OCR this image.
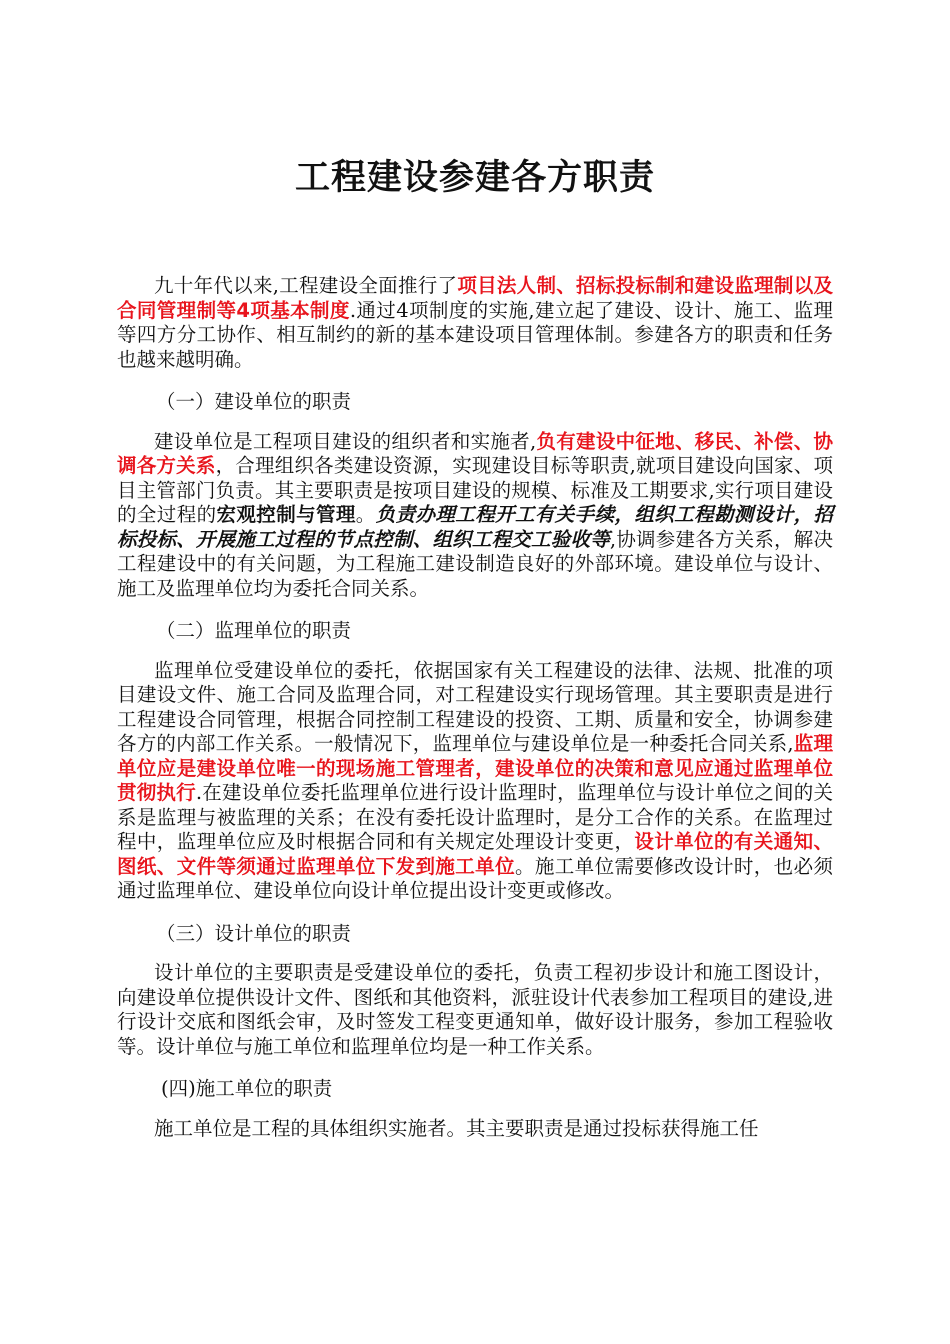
工程建设参建各方职责

九十年代以来,工程建设全面推行了项目法人制、招标投标制和建设监理制以及合同管理制等4项基本制度.通过4项制度的实施,建立起了建设、设计、施工、监理等四方分工协作、相互制约的新的基本建设项目管理体制。参建各方的职责和任务也越来越明确。

（一）建设单位的职责

建设单位是工程项目建设的组织者和实施者,负有建设中征地、移民、补偿、协调各方关系，合理组织各类建设资源，实现建设目标等职责,就项目建设向国家、项目主管部门负责。其主要职责是按项目建设的规模、标准及工期要求,实行项目建设的全过程的宏观控制与管理。负责办理工程开工有关手续，组织工程勘测设计，招标投标、开展施工过程的节点控制、组织工程交工验收等,协调参建各方关系，解决工程建设中的有关问题，为工程施工建设制造良好的外部环境。建设单位与设计、施工及监理单位均为委托合同关系。

（二）监理单位的职责

监理单位受建设单位的委托，依据国家有关工程建设的法律、法规、批准的项目建设文件、施工合同及监理合同，对工程建设实行现场管理。其主要职责是进行工程建设合同管理，根据合同控制工程建设的投资、工期、质量和安全，协调参建各方的内部工作关系。一般情况下，监理单位与建设单位是一种委托合同关系,监理单位应是建设单位唯一的现场施工管理者，建设单位的决策和意见应通过监理单位贯彻执行.在建设单位委托监理单位进行设计监理时，监理单位与设计单位之间的关系是监理与被监理的关系；在没有委托设计监理时，是分工合作的关系。在监理过程中，监理单位应及时根据合同和有关规定处理设计变更，设计单位的有关通知、图纸、文件等须通过监理单位下发到施工单位。施工单位需要修改设计时，也必须通过监理单位、建设单位向设计单位提出设计变更或修改。

（三）设计单位的职责

设计单位的主要职责是受建设单位的委托，负责工程初步设计和施工图设计，向建设单位提供设计文件、图纸和其他资料，派驻设计代表参加工程项目的建设,进行设计交底和图纸会审，及时签发工程变更通知单，做好设计服务，参加工程验收等。设计单位与施工单位和监理单位均是一种工作关系。

(四)施工单位的职责

施工单位是工程的具体组织实施者。其主要职责是通过投标获得施工任
